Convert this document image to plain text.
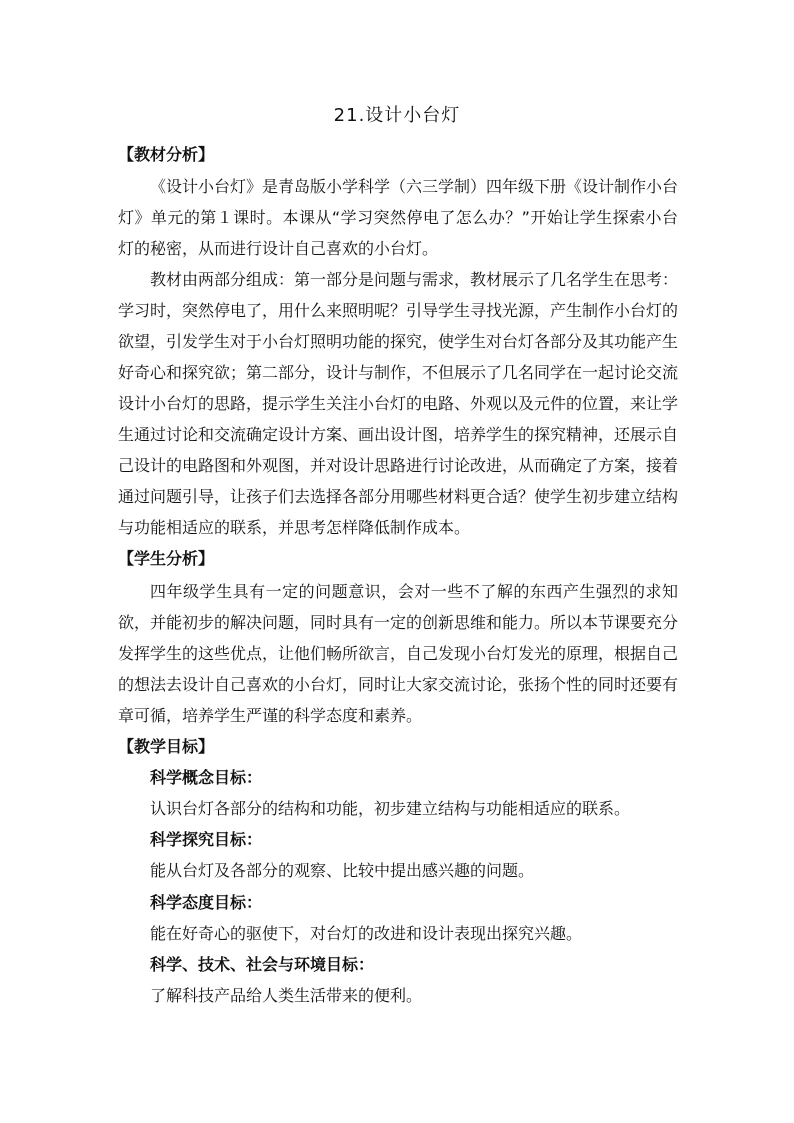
21.设计小台灯
【教材分析】
《设计小台灯》是青岛版小学科学（六三学制）四年级下册《设计制作小台灯》单元的第１课时。本课从“学习突然停电了怎么办？”开始让学生探索小台灯的秘密，从而进行设计自己喜欢的小台灯。
教材由两部分组成：第一部分是问题与需求，教材展示了几名学生在思考：学习时，突然停电了，用什么来照明呢？引导学生寻找光源，产生制作小台灯的欲望，引发学生对于小台灯照明功能的探究，使学生对台灯各部分及其功能产生好奇心和探究欲；第二部分，设计与制作，不但展示了几名同学在一起讨论交流设计小台灯的思路，提示学生关注小台灯的电路、外观以及元件的位置，来让学生通过讨论和交流确定设计方案、画出设计图，培养学生的探究精神，还展示自己设计的电路图和外观图，并对设计思路进行讨论改进，从而确定了方案，接着通过问题引导，让孩子们去选择各部分用哪些材料更合适？使学生初步建立结构与功能相适应的联系，并思考怎样降低制作成本。
【学生分析】
四年级学生具有一定的问题意识，会对一些不了解的东西产生强烈的求知欲，并能初步的解决问题，同时具有一定的创新思维和能力。所以本节课要充分发挥学生的这些优点，让他们畅所欲言，自己发现小台灯发光的原理，根据自己的想法去设计自己喜欢的小台灯，同时让大家交流讨论，张扬个性的同时还要有章可循，培养学生严谨的科学态度和素养。
【教学目标】
科学概念目标：
认识台灯各部分的结构和功能，初步建立结构与功能相适应的联系。
科学探究目标：
能从台灯及各部分的观察、比较中提出感兴趣的问题。
科学态度目标：
能在好奇心的驱使下，对台灯的改进和设计表现出探究兴趣。
科学、技术、社会与环境目标：
了解科技产品给人类生活带来的便利。
